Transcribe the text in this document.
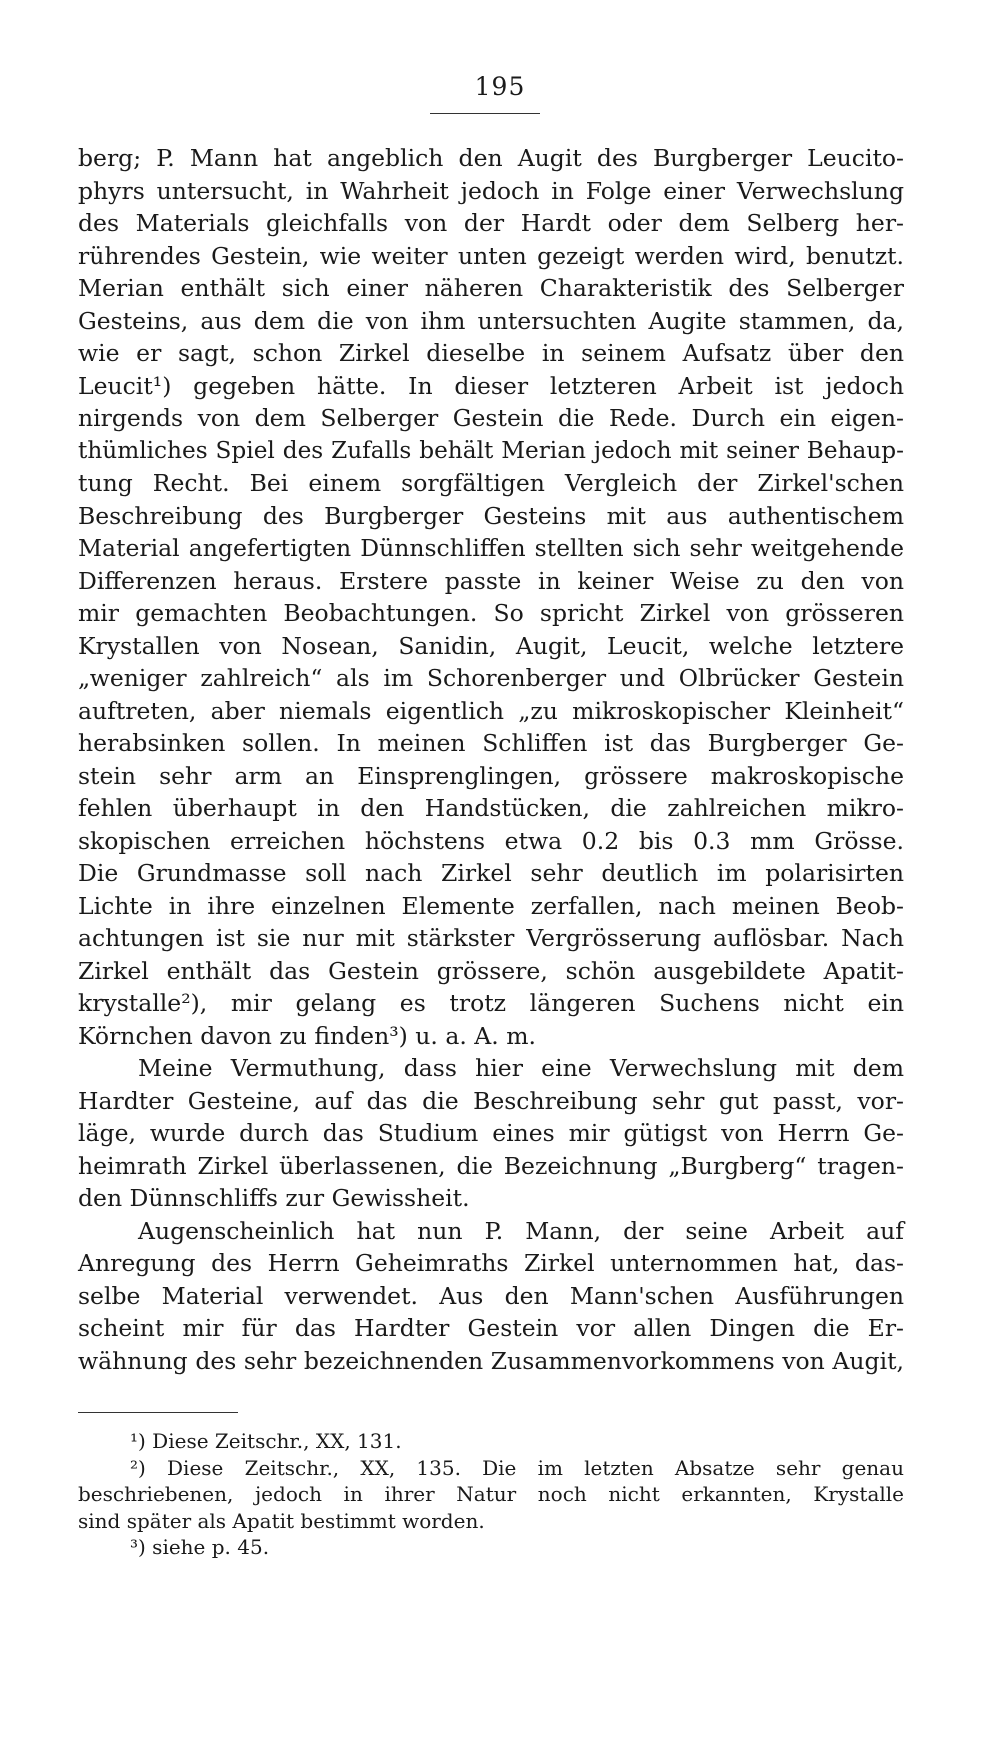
195
berg; P. Mann hat angeblich den Augit des Burgberger Leucito-
phyrs untersucht, in Wahrheit jedoch in Folge einer Verwechslung
des Materials gleichfalls von der Hardt oder dem Selberg her-
rührendes Gestein, wie weiter unten gezeigt werden wird, benutzt.
Merian enthält sich einer näheren Charakteristik des Selberger
Gesteins, aus dem die von ihm untersuchten Augite stammen, da,
wie er sagt, schon Zirkel dieselbe in seinem Aufsatz über den
Leucit¹) gegeben hätte. In dieser letzteren Arbeit ist jedoch
nirgends von dem Selberger Gestein die Rede. Durch ein eigen-
thümliches Spiel des Zufalls behält Merian jedoch mit seiner Behaup-
tung Recht. Bei einem sorgfältigen Vergleich der Zirkel'schen
Beschreibung des Burgberger Gesteins mit aus authentischem
Material angefertigten Dünnschliffen stellten sich sehr weitgehende
Differenzen heraus. Erstere passte in keiner Weise zu den von
mir gemachten Beobachtungen. So spricht Zirkel von grösseren
Krystallen von Nosean, Sanidin, Augit, Leucit, welche letztere
„weniger zahlreich“ als im Schorenberger und Olbrücker Gestein
auftreten, aber niemals eigentlich „zu mikroskopischer Kleinheit“
herabsinken sollen. In meinen Schliffen ist das Burgberger Ge-
stein sehr arm an Einsprenglingen, grössere makroskopische
fehlen überhaupt in den Handstücken, die zahlreichen mikro-
skopischen erreichen höchstens etwa 0.2 bis 0.3 mm Grösse.
Die Grundmasse soll nach Zirkel sehr deutlich im polarisirten
Lichte in ihre einzelnen Elemente zerfallen, nach meinen Beob-
achtungen ist sie nur mit stärkster Vergrösserung auflösbar. Nach
Zirkel enthält das Gestein grössere, schön ausgebildete Apatit-
krystalle²), mir gelang es trotz längeren Suchens nicht ein
Körnchen davon zu finden³) u. a. A. m.
Meine Vermuthung, dass hier eine Verwechslung mit dem
Hardter Gesteine, auf das die Beschreibung sehr gut passt, vor-
läge, wurde durch das Studium eines mir gütigst von Herrn Ge-
heimrath Zirkel überlassenen, die Bezeichnung „Burgberg“ tragen-
den Dünnschliffs zur Gewissheit.
Augenscheinlich hat nun P. Mann, der seine Arbeit auf
Anregung des Herrn Geheimraths Zirkel unternommen hat, das-
selbe Material verwendet. Aus den Mann'schen Ausführungen
scheint mir für das Hardter Gestein vor allen Dingen die Er-
wähnung des sehr bezeichnenden Zusammenvorkommens von Augit,
¹) Diese Zeitschr., XX, 131.
²) Diese Zeitschr., XX, 135. Die im letzten Absatze sehr genau
beschriebenen, jedoch in ihrer Natur noch nicht erkannten, Krystalle
sind später als Apatit bestimmt worden.
³) siehe p. 45.
